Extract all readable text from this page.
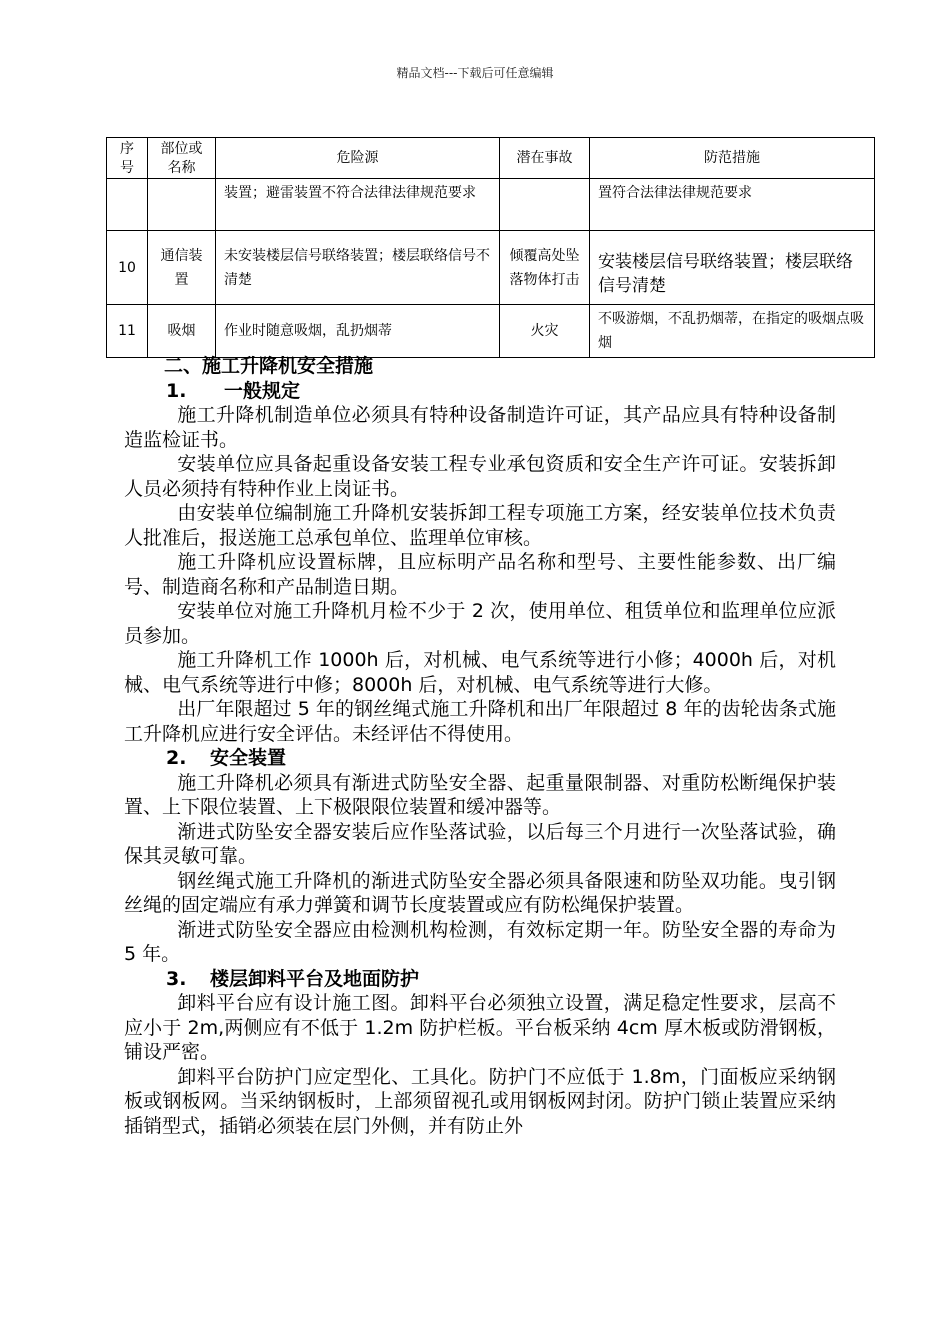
精品文档---下载后可任意编辑
序号	部位或名称	危险源	潜在事故	防范措施
		装置；避雷装置不符合法律法律规范要求		置符合法律法律规范要求
10	通信装置	未安装楼层信号联络装置；楼层联络信号不清楚	倾覆高处坠落物体打击	安装楼层信号联络装置；楼层联络信号清楚
11	吸烟	作业时随意吸烟，乱扔烟蒂	火灾	不吸游烟，不乱扔烟蒂，在指定的吸烟点吸烟
二、施工升降机安全措施
1. 一般规定

施工升降机制造单位必须具有特种设备制造许可证，其产品应具有特种设备制造监检证书。

安装单位应具备起重设备安装工程专业承包资质和安全生产许可证。安装拆卸人员必须持有特种作业上岗证书。

由安装单位编制施工升降机安装拆卸工程专项施工方案，经安装单位技术负责人批准后，报送施工总承包单位、监理单位审核。

施工升降机应设置标牌，且应标明产品名称和型号、主要性能参数、出厂编号、制造商名称和产品制造日期。

安装单位对施工升降机月检不少于 2 次，使用单位、租赁单位和监理单位应派员参加。

施工升降机工作 1000h 后，对机械、电气系统等进行小修；4000h 后，对机械、电气系统等进行中修；8000h 后，对机械、电气系统等进行大修。

出厂年限超过 5 年的钢丝绳式施工升降机和出厂年限超过 8 年的齿轮齿条式施工升降机应进行安全评估。未经评估不得使用。

2. 安全装置

施工升降机必须具有渐进式防坠安全器、起重量限制器、对重防松断绳保护装置、上下限位装置、上下极限限位装置和缓冲器等。

渐进式防坠安全器安装后应作坠落试验，以后每三个月进行一次坠落试验，确保其灵敏可靠。

钢丝绳式施工升降机的渐进式防坠安全器必须具备限速和防坠双功能。曳引钢丝绳的固定端应有承力弹簧和调节长度装置或应有防松绳保护装置。

渐进式防坠安全器应由检测机构检测，有效标定期一年。防坠安全器的寿命为 5 年。

3. 楼层卸料平台及地面防护

卸料平台应有设计施工图。卸料平台必须独立设置，满足稳定性要求，层高不应小于 2m,两侧应有不低于 1.2m 防护栏板。平台板采纳 4cm 厚木板或防滑钢板，铺设严密。

卸料平台防护门应定型化、工具化。防护门不应低于 1.8m，门面板应采纳钢板或钢板网。当采纳钢板时，上部须留视孔或用钢板网封闭。防护门锁止装置应采纳插销型式，插销必须装在层门外侧，并有防止外
